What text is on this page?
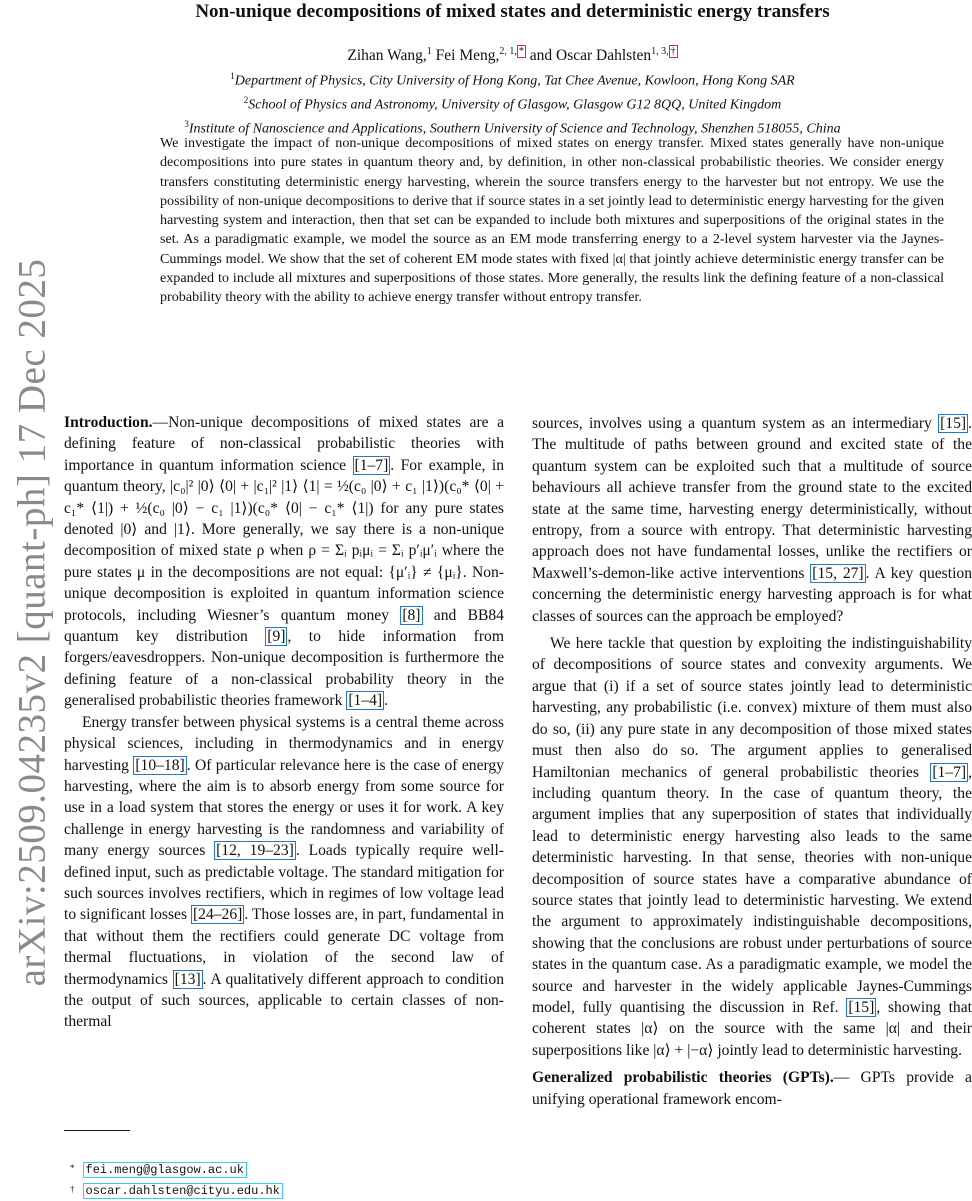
arXiv:2509.04235v2 [quant-ph] 17 Dec 2025
Non-unique decompositions of mixed states and deterministic energy transfers
Zihan Wang,$^1$ Fei Meng,$^{2, 1, *}$ and Oscar Dahlsten$^{1, 3, \dagger}$
$^1$Department of Physics, City University of Hong Kong, Tat Chee Avenue, Kowloon, Hong Kong SAR
$^2$School of Physics and Astronomy, University of Glasgow, Glasgow G12 8QQ, United Kingdom
$^3$Institute of Nanoscience and Applications, Southern University of Science and Technology, Shenzhen 518055, China
We investigate the impact of non-unique decompositions of mixed states on energy transfer. Mixed states generally have non-unique decompositions into pure states in quantum theory and, by definition, in other non-classical probabilistic theories. We consider energy transfers constituting deterministic energy harvesting, wherein the source transfers energy to the harvester but not entropy. We use the possibility of non-unique decompositions to derive that if source states in a set jointly lead to deterministic energy harvesting for the given harvesting system and interaction, then that set can be expanded to include both mixtures and superpositions of the original states in the set. As a paradigmatic example, we model the source as an EM mode transferring energy to a 2-level system harvester via the Jaynes-Cummings model. We show that the set of coherent EM mode states with fixed |α| that jointly achieve deterministic energy transfer can be expanded to include all mixtures and superpositions of those states. More generally, the results link the defining feature of a non-classical probability theory with the ability to achieve energy transfer without entropy transfer.

Introduction.—Non-unique decompositions of mixed states are a defining feature of non-classical probabilistic theories with importance in quantum information science [1–7] . For example, in quantum theory, |c₀|² |0⟩ ⟨0| + |c₁|² |1⟩ ⟨1| = ½(c₀ |0⟩ + c₁ |1⟩)(c₀* ⟨0| + c₁* ⟨1|) + ½(c₀ |0⟩ − c₁ |1⟩)(c₀* ⟨0| − c₁* ⟨1|) for any pure states denoted |0⟩ and |1⟩. More generally, we say there is a non-unique decomposition of mixed state ρ when ρ = Σᵢ pᵢμᵢ = Σᵢ p′ᵢμ′ᵢ where the pure states μ in the decompositions are not equal: {μ′ᵢ} ≠ {μᵢ}. Non-unique decomposition is exploited in quantum information science protocols, including Wiesner’s quantum money [8] and BB84 quantum key distribution [9] , to hide information from forgers/eavesdroppers. Non-unique decomposition is furthermore the defining feature of a non-classical probability theory in the generalised probabilistic theories framework [1–4] .

Energy transfer between physical systems is a central theme across physical sciences, including in thermodynamics and in energy harvesting [10–18] . Of particular relevance here is the case of energy harvesting, where the aim is to absorb energy from some source for use in a load system that stores the energy or uses it for work. A key challenge in energy harvesting is the randomness and variability of many energy sources [12, 19–23] . Loads typically require well-defined input, such as predictable voltage. The standard mitigation for such sources involves rectifiers, which in regimes of low voltage lead to significant losses [24–26] . Those losses are, in part, fundamental in that without them the rectifiers could generate DC voltage from thermal fluctuations, in violation of the second law of thermodynamics [13] . A qualitatively different approach to condition the output of such sources, applicable to certain classes of non-thermal

sources, involves using a quantum system as an intermediary [15] . The multitude of paths between ground and excited state of the quantum system can be exploited such that a multitude of source behaviours all achieve transfer from the ground state to the excited state at the same time, harvesting energy deterministically, without entropy, from a source with entropy. That deterministic harvesting approach does not have fundamental losses, unlike the rectifiers or Maxwell’s-demon-like active interventions [15, 27] . A key question concerning the deterministic energy harvesting approach is for what classes of sources can the approach be employed?

We here tackle that question by exploiting the indistinguishability of decompositions of source states and convexity arguments. We argue that (i) if a set of source states jointly lead to deterministic harvesting, any probabilistic (i.e. convex) mixture of them must also do so, (ii) any pure state in any decomposition of those mixed states must then also do so. The argument applies to generalised Hamiltonian mechanics of general probabilistic theories [1–7] , including quantum theory. In the case of quantum theory, the argument implies that any superposition of states that individually lead to deterministic energy harvesting also leads to the same deterministic harvesting. In that sense, theories with non-unique decomposition of source states have a comparative abundance of source states that jointly lead to deterministic harvesting. We extend the argument to approximately indistinguishable decompositions, showing that the conclusions are robust under perturbations of source states in the quantum case. As a paradigmatic example, we model the source and harvester in the widely applicable Jaynes-Cummings model, fully quantising the discussion in Ref. [15] , showing that coherent states |α⟩ on the source with the same |α| and their superpositions like |α⟩ + |−α⟩ jointly lead to deterministic harvesting.

Generalized probabilistic theories (GPTs).— GPTs provide a unifying operational framework encom-

* fei.meng@glasgow.ac.uk
† oscar.dahlsten@cityu.edu.hk
